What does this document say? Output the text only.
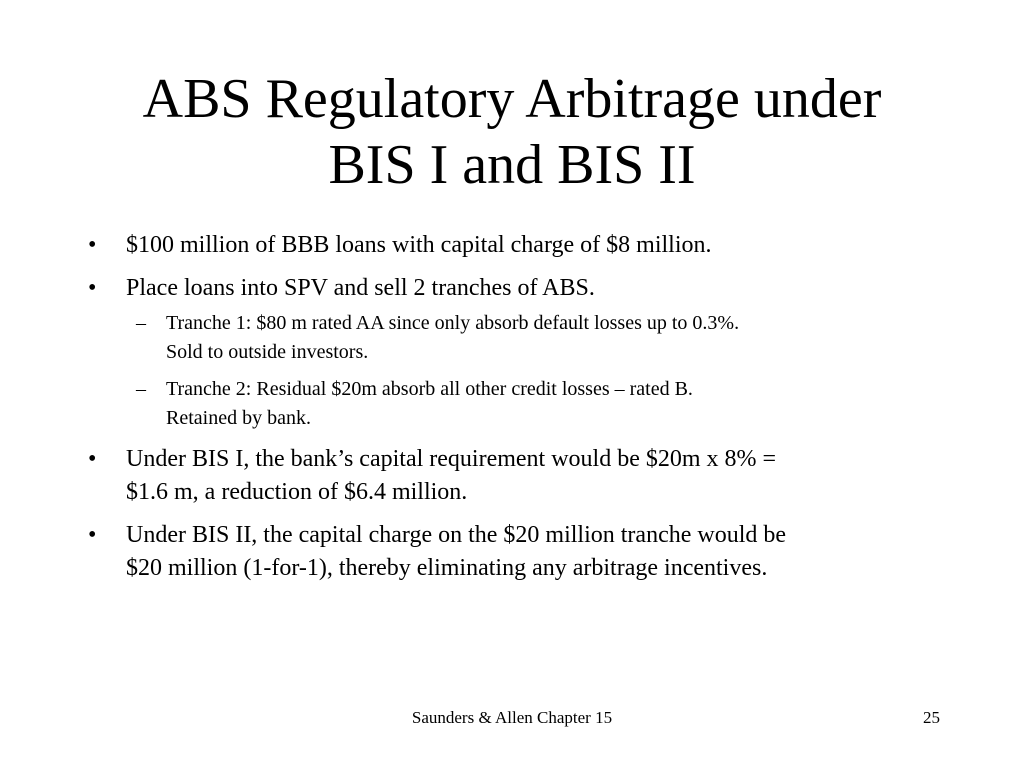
ABS Regulatory Arbitrage under
BIS I and BIS II
• $100 million of BBB loans with capital charge of $8 million.
• Place loans into SPV and sell 2 tranches of ABS.
– Tranche 1: $80 m rated AA since only absorb default losses up to 0.3%.
Sold to outside investors.
– Tranche 2: Residual $20m absorb all other credit losses – rated B.
Retained by bank.
• Under BIS I, the bank’s capital requirement would be $20m x 8% =
$1.6 m, a reduction of $6.4 million.
• Under BIS II, the capital charge on the $20 million tranche would be
$20 million (1-for-1), thereby eliminating any arbitrage incentives.
Saunders & Allen Chapter 15	25
